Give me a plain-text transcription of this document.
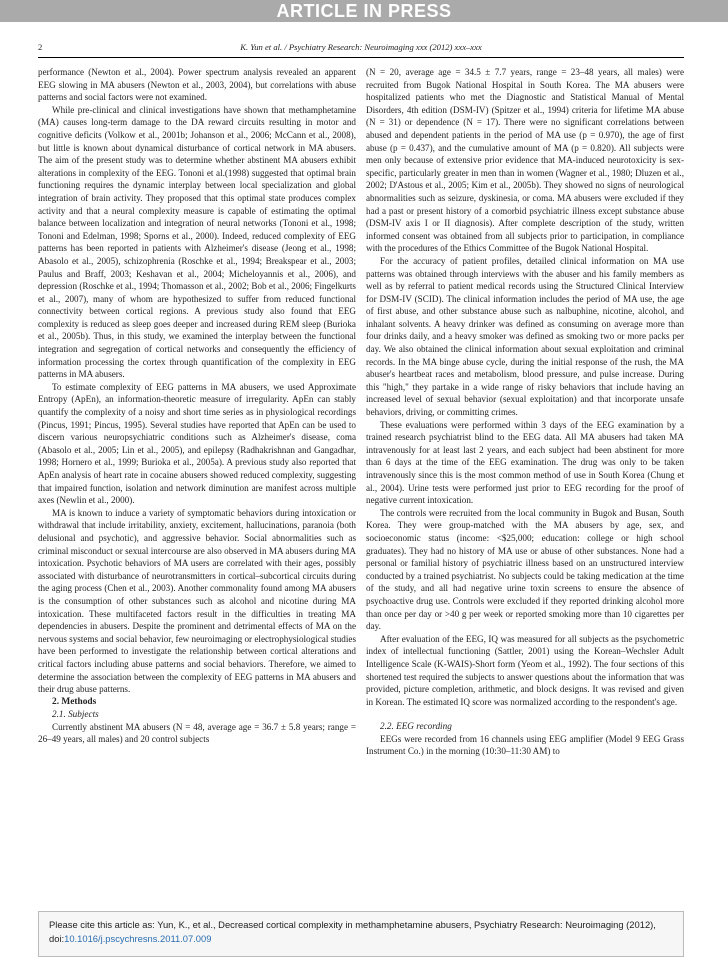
ARTICLE IN PRESS
2	K. Yun et al. / Psychiatry Research: Neuroimaging xxx (2012) xxx–xxx

performance (Newton et al., 2004). Power spectrum analysis revealed an apparent EEG slowing in MA abusers (Newton et al., 2003, 2004), but correlations with abuse patterns and social factors were not examined.

While pre-clinical and clinical investigations have shown that methamphetamine (MA) causes long-term damage to the DA reward circuits resulting in motor and cognitive deficits (Volkow et al., 2001b; Johanson et al., 2006; McCann et al., 2008), but little is known about dynamical disturbance of cortical network in MA abusers. The aim of the present study was to determine whether abstinent MA abusers exhibit alterations in complexity of the EEG. Tononi et al.(1998) suggested that optimal brain functioning requires the dynamic interplay between local specialization and global integration of brain activity. They proposed that this optimal state produces complex activity and that a neural complexity measure is capable of estimating the optimal balance between localization and integration of neural networks (Tononi et al., 1998; Tononi and Edelman, 1998; Sporns et al., 2000). Indeed, reduced complexity of EEG patterns has been reported in patients with Alzheimer's disease (Jeong et al., 1998; Abasolo et al., 2005), schizophrenia (Roschke et al., 1994; Breakspear et al., 2003; Paulus and Braff, 2003; Keshavan et al., 2004; Micheloyannis et al., 2006), and depression (Roschke et al., 1994; Thomasson et al., 2002; Bob et al., 2006; Fingelkurts et al., 2007), many of whom are hypothesized to suffer from reduced functional connectivity between cortical regions. A previous study also found that EEG complexity is reduced as sleep goes deeper and increased during REM sleep (Burioka et al., 2005b). Thus, in this study, we examined the interplay between the functional integration and segregation of cortical networks and consequently the efficiency of information processing the cortex through quantification of the complexity in EEG patterns in MA abusers.

To estimate complexity of EEG patterns in MA abusers, we used Approximate Entropy (ApEn), an information-theoretic measure of irregularity. ApEn can stably quantify the complexity of a noisy and short time series as in physiological recordings (Pincus, 1991; Pincus, 1995). Several studies have reported that ApEn can be used to discern various neuropsychiatric conditions such as Alzheimer's disease, coma (Abasolo et al., 2005; Lin et al., 2005), and epilepsy (Radhakrishnan and Gangadhar, 1998; Hornero et al., 1999; Burioka et al., 2005a). A previous study also reported that ApEn analysis of heart rate in cocaine abusers showed reduced complexity, suggesting that impaired function, isolation and network diminution are manifest across multiple axes (Newlin et al., 2000).

MA is known to induce a variety of symptomatic behaviors during intoxication or withdrawal that include irritability, anxiety, excitement, hallucinations, paranoia (both delusional and psychotic), and aggressive behavior. Social abnormalities such as criminal misconduct or sexual intercourse are also observed in MA abusers during MA intoxication. Psychotic behaviors of MA users are correlated with their ages, possibly associated with disturbance of neurotransmitters in cortical–subcortical circuits during the aging process (Chen et al., 2003). Another commonality found among MA abusers is the consumption of other substances such as alcohol and nicotine during MA intoxication. These multifaceted factors result in the difficulties in treating MA dependencies in abusers. Despite the prominent and detrimental effects of MA on the nervous systems and social behavior, few neuroimaging or electrophysiological studies have been performed to investigate the relationship between cortical alterations and critical factors including abuse patterns and social behaviors. Therefore, we aimed to determine the association between the complexity of EEG patterns in MA abusers and their drug abuse patterns.

2. Methods

2.1. Subjects

Currently abstinent MA abusers (N = 48, average age = 36.7 ± 5.8 years; range = 26–49 years, all males) and 20 control subjects

(N = 20, average age = 34.5 ± 7.7 years, range = 23–48 years, all males) were recruited from Bugok National Hospital in South Korea. The MA abusers were hospitalized patients who met the Diagnostic and Statistical Manual of Mental Disorders, 4th edition (DSM-IV) (Spitzer et al., 1994) criteria for lifetime MA abuse (N = 31) or dependence (N = 17). There were no significant correlations between abused and dependent patients in the period of MA use (p = 0.970), the age of first abuse (p = 0.437), and the cumulative amount of MA (p = 0.820). All subjects were men only because of extensive prior evidence that MA-induced neurotoxicity is sex-specific, particularly greater in men than in women (Wagner et al., 1980; Dluzen et al., 2002; D'Astous et al., 2005; Kim et al., 2005b). They showed no signs of neurological abnormalities such as seizure, dyskinesia, or coma. MA abusers were excluded if they had a past or present history of a comorbid psychiatric illness except substance abuse (DSM-IV axis I or II diagnosis). After complete description of the study, written informed consent was obtained from all subjects prior to participation, in compliance with the procedures of the Ethics Committee of the Bugok National Hospital.

For the accuracy of patient profiles, detailed clinical information on MA use patterns was obtained through interviews with the abuser and his family members as well as by referral to patient medical records using the Structured Clinical Interview for DSM-IV (SCID). The clinical information includes the period of MA use, the age of first abuse, and other substance abuse such as nalbuphine, nicotine, alcohol, and inhalant solvents. A heavy drinker was defined as consuming on average more than four drinks daily, and a heavy smoker was defined as smoking two or more packs per day. We also obtained the clinical information about sexual exploitation and criminal records. In the MA binge abuse cycle, during the initial response of the rush, the MA abuser's heartbeat races and metabolism, blood pressure, and pulse increase. During this "high," they partake in a wide range of risky behaviors that include having an increased level of sexual behavior (sexual exploitation) and that incorporate unsafe behaviors, driving, or committing crimes.

These evaluations were performed within 3 days of the EEG examination by a trained research psychiatrist blind to the EEG data. All MA abusers had taken MA intravenously for at least last 2 years, and each subject had been abstinent for more than 6 days at the time of the EEG examination. The drug was only to be taken intravenously since this is the most common method of use in South Korea (Chung et al., 2004). Urine tests were performed just prior to EEG recording for the proof of negative current intoxication.

The controls were recruited from the local community in Bugok and Busan, South Korea. They were group-matched with the MA abusers by age, sex, and socioeconomic status (income: <$25,000; education: college or high school graduates). They had no history of MA use or abuse of other substances. None had a personal or familial history of psychiatric illness based on an unstructured interview conducted by a trained psychiatrist. No subjects could be taking medication at the time of the study, and all had negative urine toxin screens to ensure the absence of psychoactive drug use. Controls were excluded if they reported drinking alcohol more than once per day or >40 g per week or reported smoking more than 10 cigarettes per day.

After evaluation of the EEG, IQ was measured for all subjects as the psychometric index of intellectual functioning (Sattler, 2001) using the Korean–Wechsler Adult Intelligence Scale (K-WAIS)-Short form (Yeom et al., 1992). The four sections of this shortened test required the subjects to answer questions about the information that was provided, picture completion, arithmetic, and block designs. It was revised and given in Korean. The estimated IQ score was normalized according to the respondent's age.

2.2. EEG recording

EEGs were recorded from 16 channels using EEG amplifier (Model 9 EEG Grass Instrument Co.) in the morning (10:30–11:30 AM) to

Please cite this article as: Yun, K., et al., Decreased cortical complexity in methamphetamine abusers, Psychiatry Research: Neuroimaging (2012), doi:10.1016/j.pscychresns.2011.07.009
